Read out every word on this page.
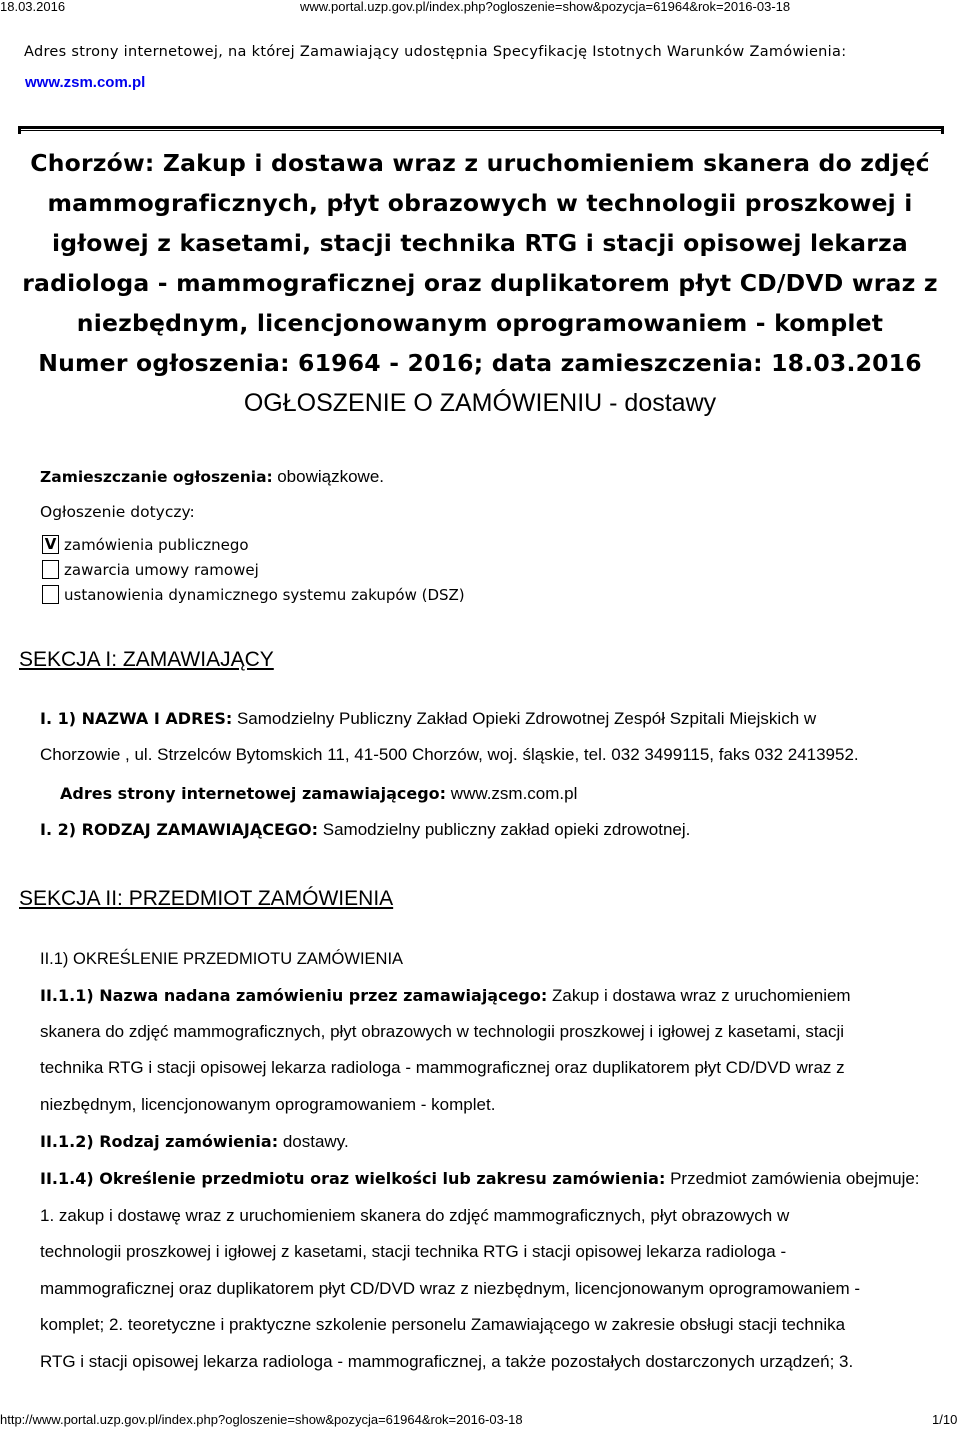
18.03.2016	www.portal.uzp.gov.pl/index.php?ogloszenie=show&pozycja=61964&rok=2016-03-18
Adres strony internetowej, na której Zamawiający udostępnia Specyfikację Istotnych Warunków Zamówienia:
www.zsm.com.pl
Chorzów: Zakup i dostawa wraz z uruchomieniem skanera do zdjęć
mammograficznych, płyt obrazowych w technologii proszkowej i
igłowej z kasetami, stacji technika RTG i stacji opisowej lekarza
radiologa - mammograficznej oraz duplikatorem płyt CD/DVD wraz z
niezbędnym, licencjonowanym oprogramowaniem - komplet
Numer ogłoszenia: 61964 - 2016; data zamieszczenia: 18.03.2016
OGŁOSZENIE O ZAMÓWIENIU - dostawy
Zamieszczanie ogłoszenia: obowiązkowe.
Ogłoszenie dotyczy:
V zamówienia publicznego
zawarcia umowy ramowej
ustanowienia dynamicznego systemu zakupów (DSZ)
SEKCJA I: ZAMAWIAJĄCY
I. 1) NAZWA I ADRES: Samodzielny Publiczny Zakład Opieki Zdrowotnej Zespół Szpitali Miejskich w
Chorzowie , ul. Strzelców Bytomskich 11, 41-500 Chorzów, woj. śląskie, tel. 032 3499115, faks 032 2413952.
Adres strony internetowej zamawiającego: www.zsm.com.pl
I. 2) RODZAJ ZAMAWIAJĄCEGO: Samodzielny publiczny zakład opieki zdrowotnej.
SEKCJA II: PRZEDMIOT ZAMÓWIENIA
II.1) OKREŚLENIE PRZEDMIOTU ZAMÓWIENIA
II.1.1) Nazwa nadana zamówieniu przez zamawiającego: Zakup i dostawa wraz z uruchomieniem
skanera do zdjęć mammograficznych, płyt obrazowych w technologii proszkowej i igłowej z kasetami, stacji
technika RTG i stacji opisowej lekarza radiologa - mammograficznej oraz duplikatorem płyt CD/DVD wraz z
niezbędnym, licencjonowanym oprogramowaniem - komplet.
II.1.2) Rodzaj zamówienia: dostawy.
II.1.4) Określenie przedmiotu oraz wielkości lub zakresu zamówienia: Przedmiot zamówienia obejmuje:
1. zakup i dostawę wraz z uruchomieniem skanera do zdjęć mammograficznych, płyt obrazowych w
technologii proszkowej i igłowej z kasetami, stacji technika RTG i stacji opisowej lekarza radiologa -
mammograficznej oraz duplikatorem płyt CD/DVD wraz z niezbędnym, licencjonowanym oprogramowaniem -
komplet; 2. teoretyczne i praktyczne szkolenie personelu Zamawiającego w zakresie obsługi stacji technika
RTG i stacji opisowej lekarza radiologa - mammograficznej, a także pozostałych dostarczonych urządzeń; 3.
http://www.portal.uzp.gov.pl/index.php?ogloszenie=show&pozycja=61964&rok=2016-03-18	1/10
